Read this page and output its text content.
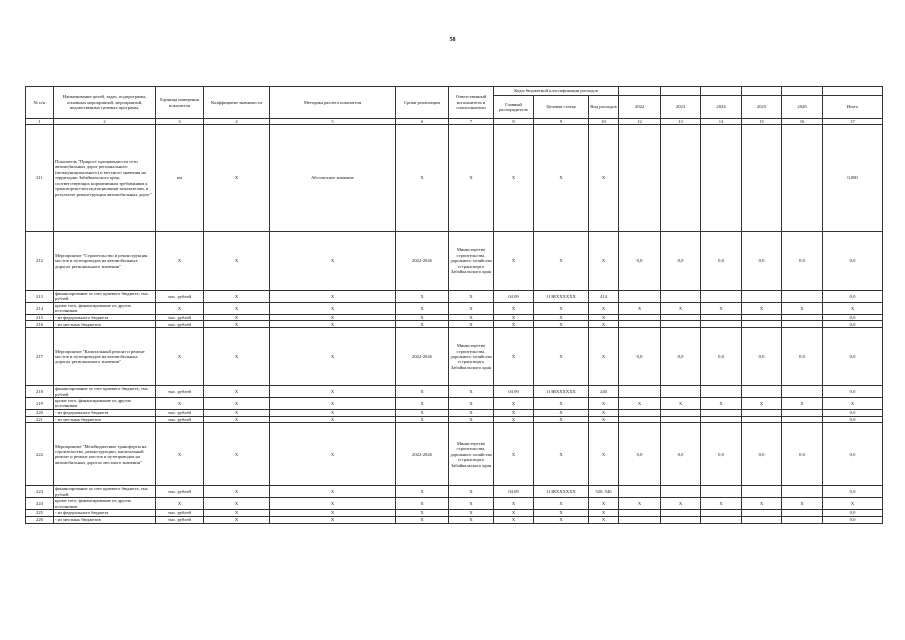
58
№ п/п	Наименование целей, задач, подпрограмм, основных мероприятий, мероприятий, ведомственных целевых программ,	Единица измерения показателя	Коэффициент значимости	Методика расчета показателя	Сроки реализации	Ответственный исполнитель и соисполнители	Коды бюджетной классификации расходов								
							Главный распорядитель	Целевая статья	Вид расходов	2022	2023	2024	2025	2026	Итого
1	2	3	4	5	6	7	8	9	10	12	13	14	15	16	17
211	Показатель "Прирост протяженности сети автомобильных дорог регионального (межмуниципального) и местного значения на территории Забайкальского края, соответствующих нормативным требованиям к транспортно-эксплуатационным показателям, в результате реконструкции автомобильных дорог"	км	X	Абсолютное значение	X	X	X	X	X						0,000
212	Мероприятие "Строительство и реконструкция мостов и путепроводов на автомобильных дорогах регионального значения"	X	X	X	2022-2026	Министерство строительства, дорожного хозяйства и транспорта Забайкальского края	X	X	X	0,0	0,0	0,0	0,0	0,0	0,0
213	финансирование за счет краевого бюджета, тыс. рублей	тыс. рублей	X	X	X	X	04 09	113RXXXXXX	414						0,0
214	кроме того, финансирование из других источников	X	X	X	X	X	X	X	X	X	X	X	X	X	X
215	- из федерального бюджета	тыс. рублей	X	X	X	X	X	X	X						0,0
216	- из местных бюджетов	тыс. рублей	X	X	X	X	X	X	X						0,0
217	Мероприятие "Капитальный ремонт и ремонт мостов и путепроводов на автомобильных дорогах регионального значения"	X	X	X	2022-2026	Министерство строительства, дорожного хозяйства и транспорта Забайкальского края	X	X	X	0,0	0,0	0,0	0,0	0,0	0,0
218	финансирование за счет краевого бюджета, тыс. рублей	тыс. рублей	X	X	X	X	04 09	113RXXXXXX	240						0,0
219	кроме того, финансирование из других источников	X	X	X	X	X	X	X	X	X	X	X	X	X	X
220	- из федерального бюджета	тыс. рублей	X	X	X	X	X	X	X						0,0
221	- из местных бюджетов	тыс. рублей	X	X	X	X	X	X	X						0,0
222	Мероприятие "Межбюджетные трансферты на строительство, реконструкцию, капитальный ремонт и ремонт мостов и путепроводов на автомобильных дорогах местного значения"	X	X	X	2022-2026	Министерство строительства, дорожного хозяйства и транспорта Забайкальского края	X	X	X	0,0	0,0	0,0	0,0	0,0	0,0
223	финансирование за счет краевого бюджета, тыс. рублей	тыс. рублей	X	X	X	X	04 09	113RXXXXXX	520, 540						0,0
224	кроме того, финансирование из других источников	X	X	X	X	X	X	X	X	X	X	X	X	X	X
225	- из федерального бюджета	тыс. рублей	X	X	X	X	X	X	X						0,0
226	- из местных бюджетов	тыс. рублей	X	X	X	X	X	X	X						0,0
